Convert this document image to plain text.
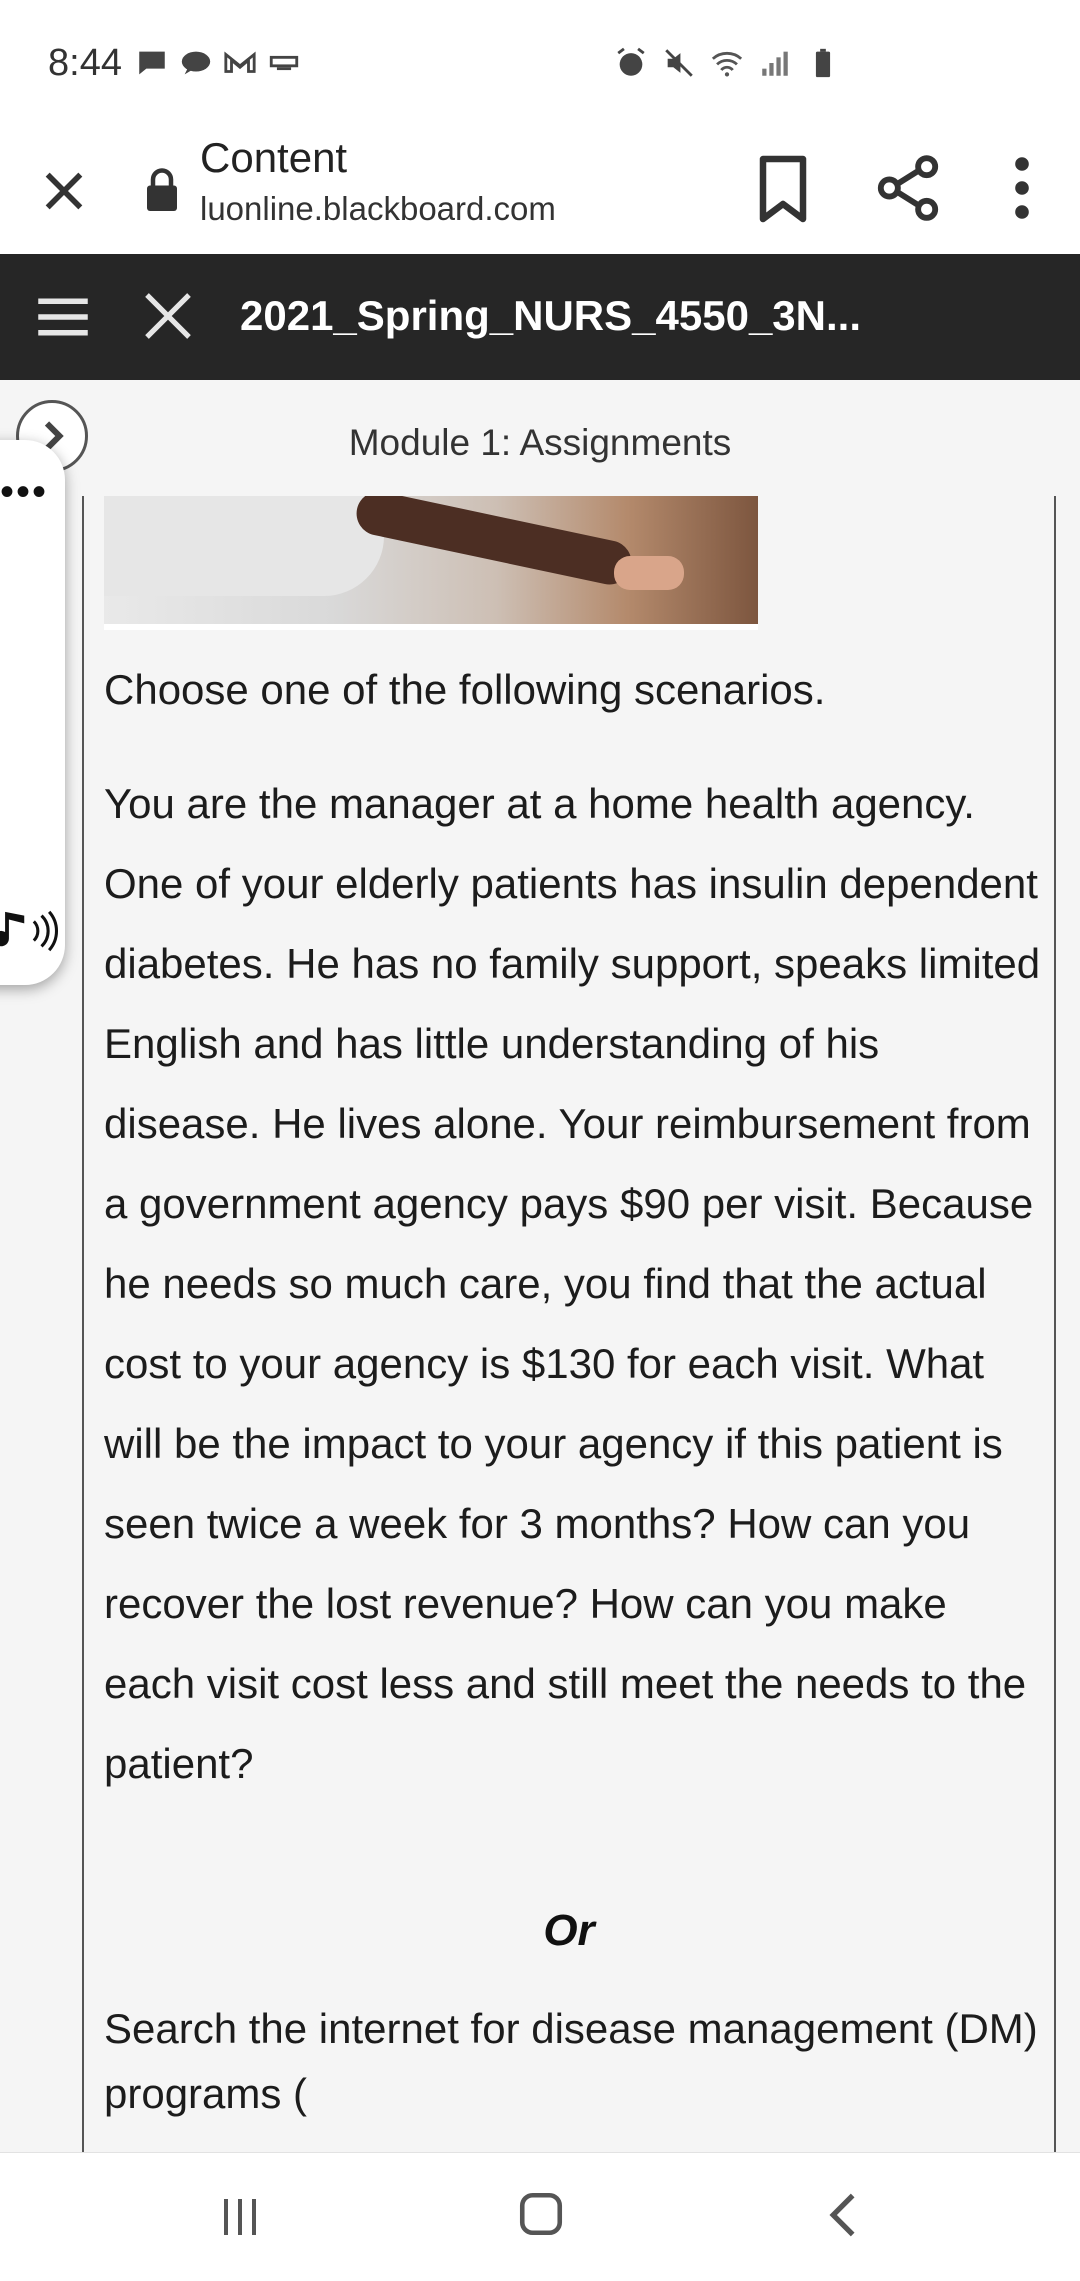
8:44
Content
luonline.blackboard.com
2021_Spring_NURS_4550_3N...
Module 1: Assignments
Choose one of the following scenarios.
You are the manager at a home health agency. One of your elderly patients has insulin dependent diabetes. He has no family support, speaks limited English and has little understanding of his disease. He lives alone. Your reimbursement from a government agency pays $90 per visit. Because he needs so much care, you find that the actual cost to your agency is $130 for each visit. What will be the impact to your agency if this patient is seen twice a week for 3 months? How can you recover the lost revenue? How can you make each visit cost less and still meet the needs to the patient?
Or
Search the internet for disease management (DM) programs (
•••
